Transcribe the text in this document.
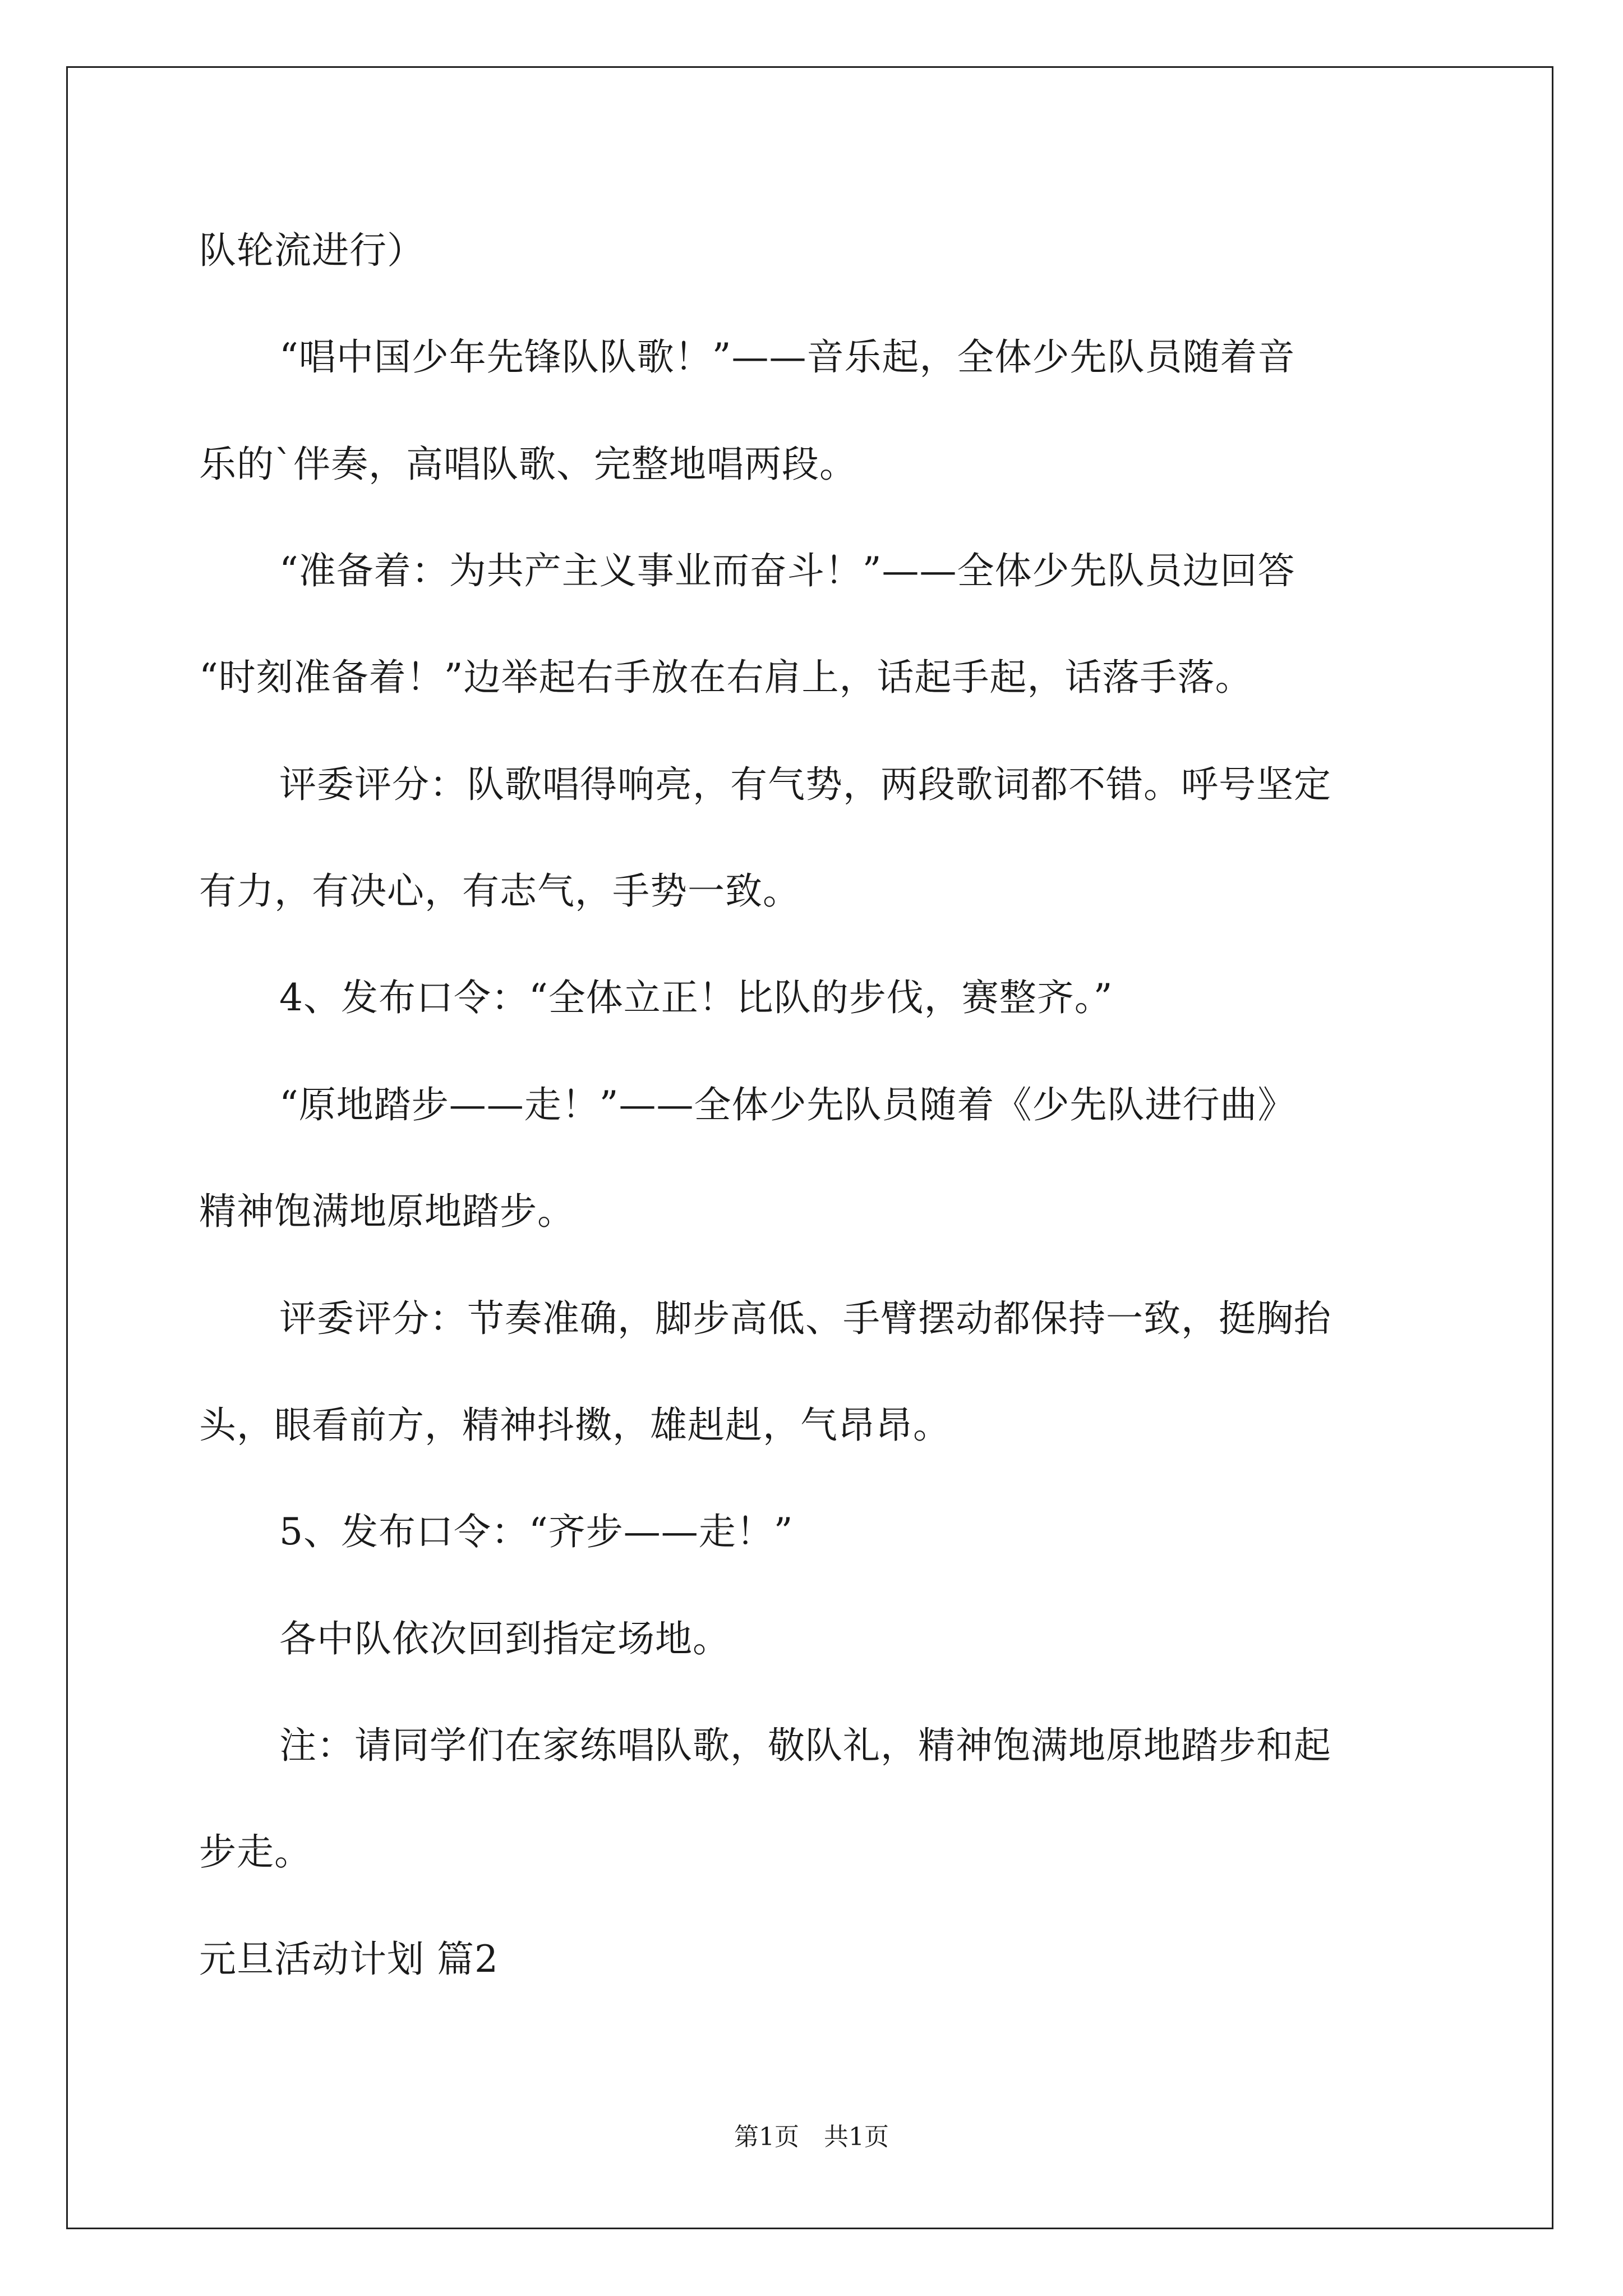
队轮流进行）
“唱中国少年先锋队队歌！”——音乐起，全体少先队员随着音
乐的`伴奏，高唱队歌、完整地唱两段。
“准备着：为共产主义事业而奋斗！”——全体少先队员边回答
“时刻准备着！”边举起右手放在右肩上，话起手起，话落手落。
评委评分：队歌唱得响亮，有气势，两段歌词都不错。呼号坚定
有力，有决心，有志气，手势一致。
4、发布口令：“全体立正！比队的步伐，赛整齐。”
“原地踏步——走！”——全体少先队员随着《少先队进行曲》
精神饱满地原地踏步。
评委评分：节奏准确，脚步高低、手臂摆动都保持一致，挺胸抬
头，眼看前方，精神抖擞，雄赳赳，气昂昂。
5、发布口令：“齐步——走！”
各中队依次回到指定场地。
注：请同学们在家练唱队歌，敬队礼，精神饱满地原地踏步和起
步走。
元旦活动计划 篇2
第1页 共1页
